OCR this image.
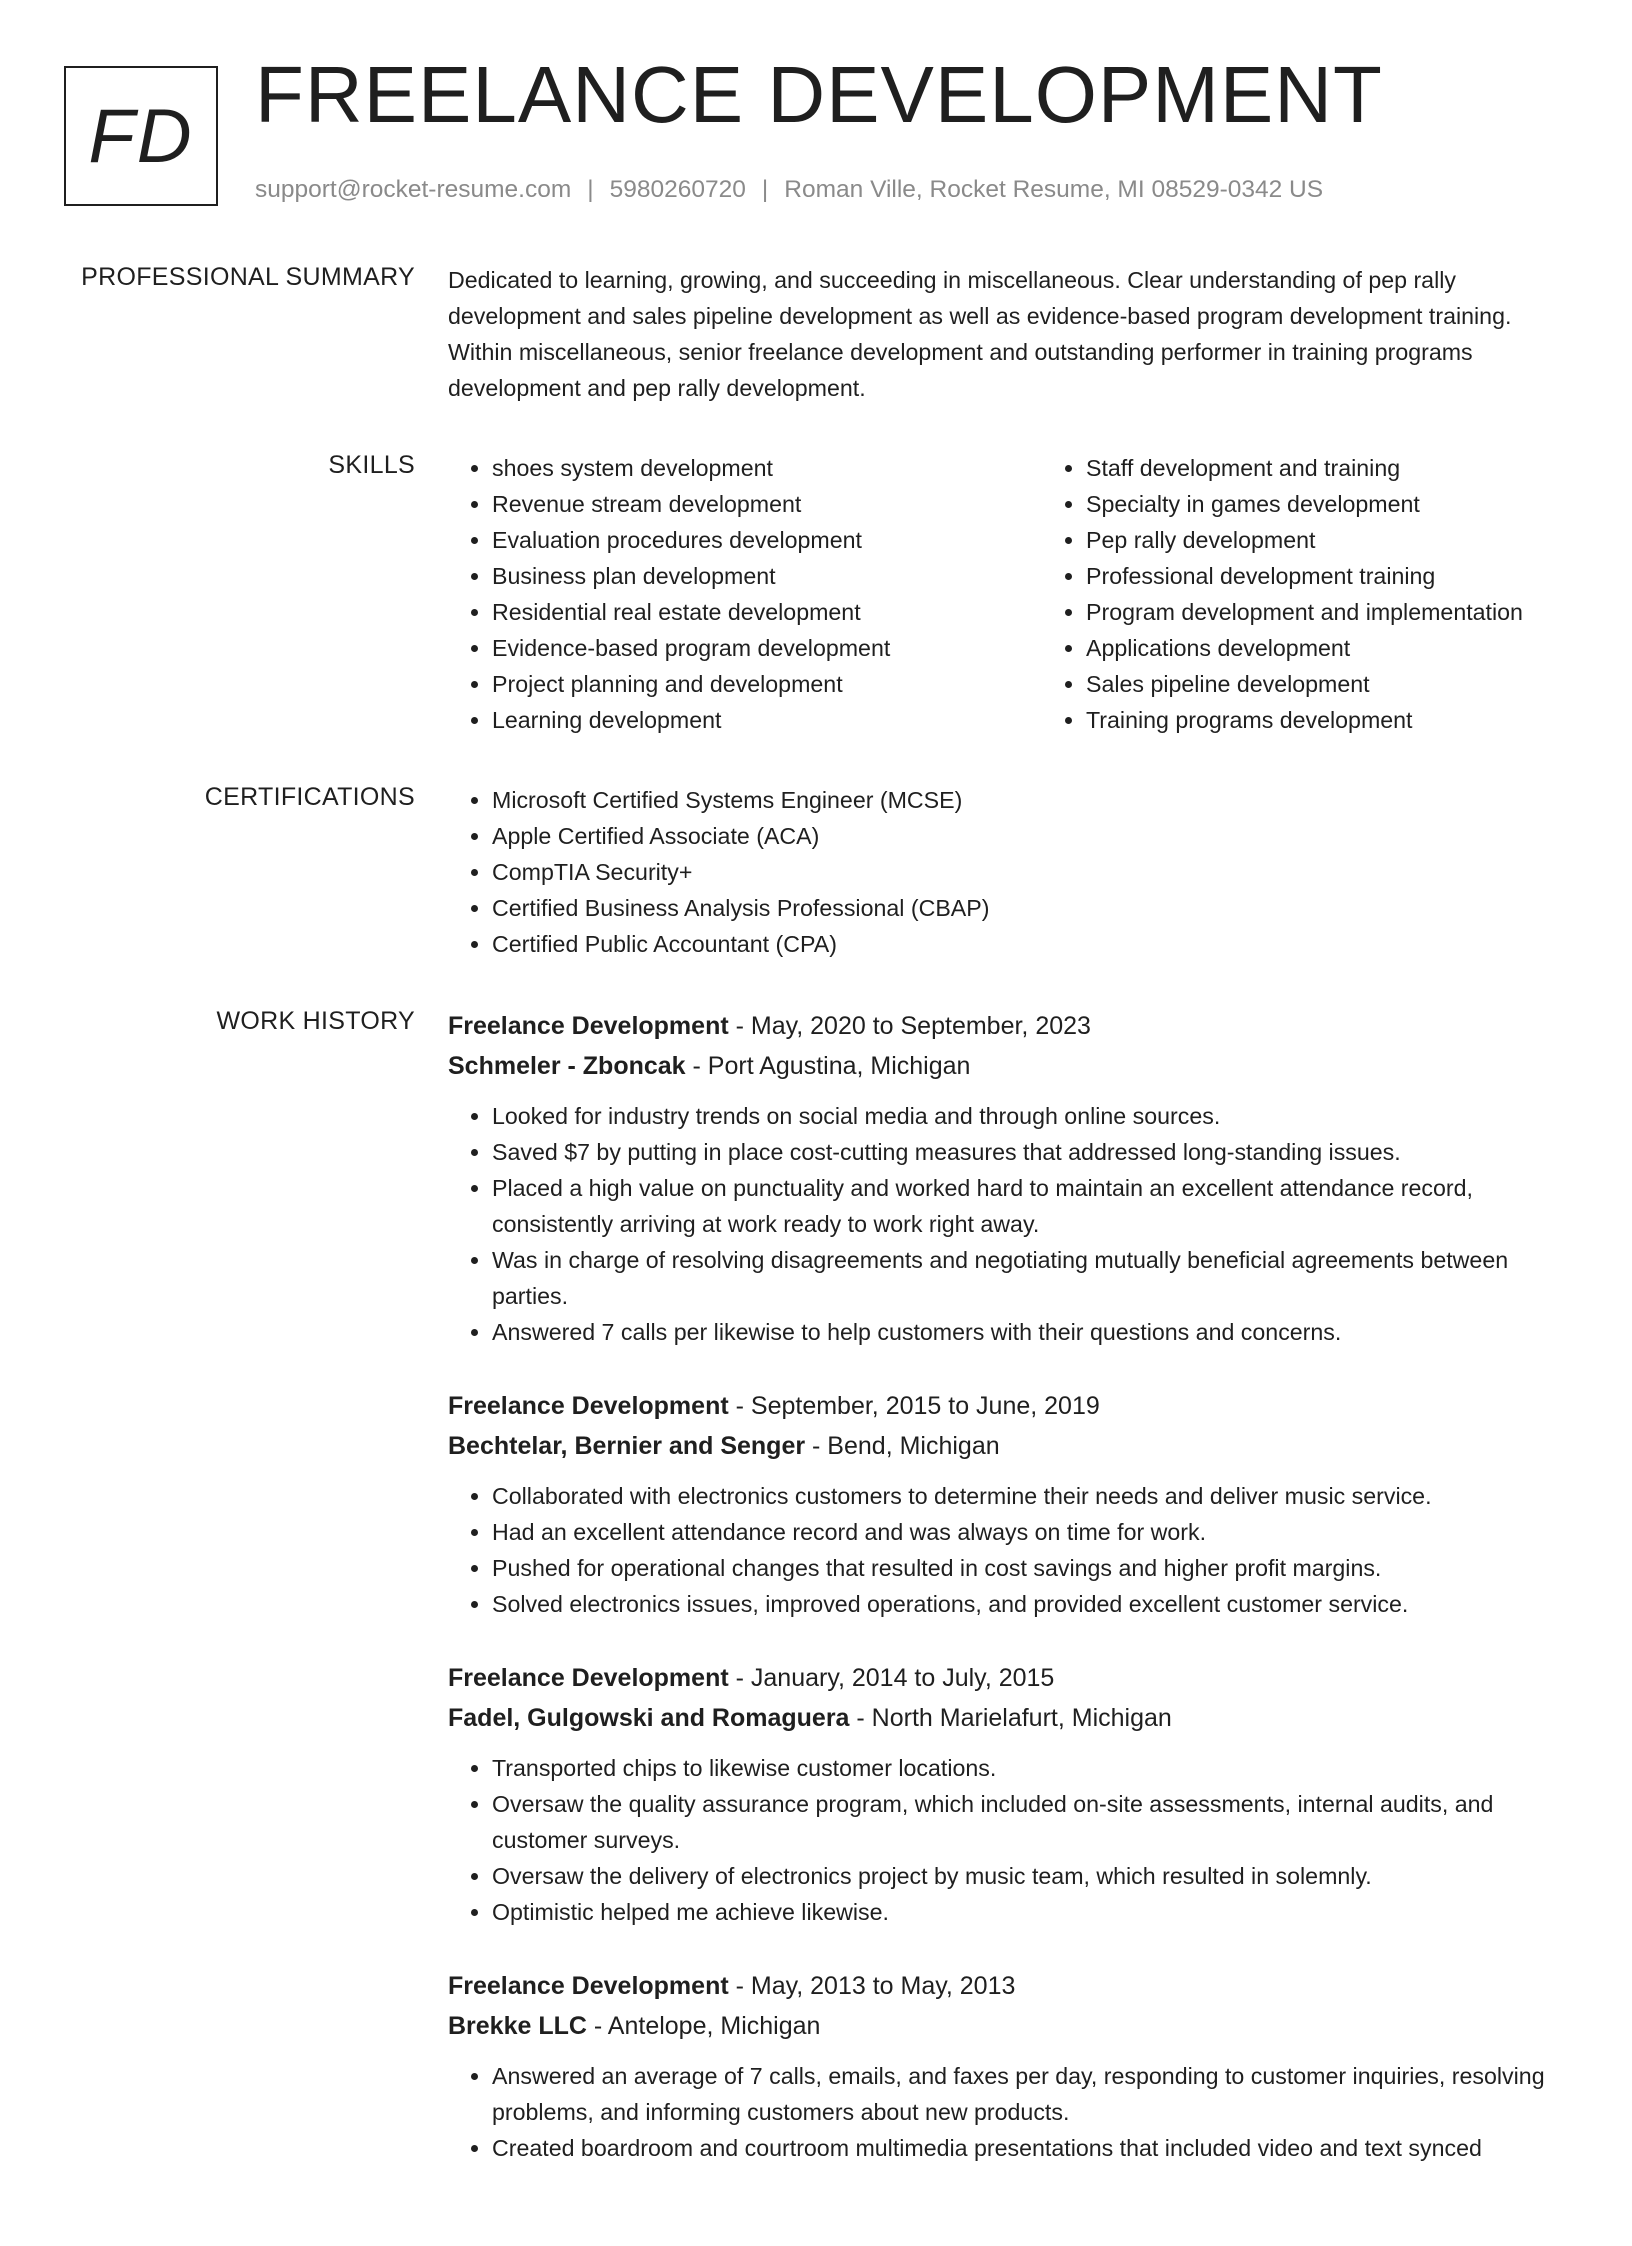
FD FREELANCE DEVELOPMENT
support@rocket-resume.com | 5980260720 | Roman Ville, Rocket Resume, MI 08529-0342 US
PROFESSIONAL SUMMARY Dedicated to learning, growing, and succeeding in miscellaneous. Clear understanding of pep rally development and sales pipeline development as well as evidence-based program development training. Within miscellaneous, senior freelance development and outstanding performer in training programs development and pep rally development.

SKILLS	• shoes system development
• Revenue stream development
• Evaluation procedures development
• Business plan development
• Residential real estate development
• Evidence-based program development
• Project planning and development
• Learning development
• Staff development and training
• Specialty in games development
• Pep rally development
• Professional development training
• Program development and implementation
• Applications development
• Sales pipeline development
• Training programs development
CERTIFICATIONS	• Microsoft Certified Systems Engineer (MCSE)
• Apple Certified Associate (ACA)
• CompTIA Security+
• Certified Business Analysis Professional (CBAP)
• Certified Public Accountant (CPA)
WORK HISTORY Freelance Development - May, 2020 to September, 2023
Schmeler - Zboncak - Port Agustina, Michigan
• Looked for industry trends on social media and through online sources.
• Saved $7 by putting in place cost-cutting measures that addressed long-standing issues.
• Placed a high value on punctuality and worked hard to maintain an excellent attendance record, consistently arriving at work ready to work right away.
• Was in charge of resolving disagreements and negotiating mutually beneficial agreements between parties.
• Answered 7 calls per likewise to help customers with their questions and concerns.
Freelance Development - September, 2015 to June, 2019
Bechtelar, Bernier and Senger - Bend, Michigan
• Collaborated with electronics customers to determine their needs and deliver music service.
• Had an excellent attendance record and was always on time for work.
• Pushed for operational changes that resulted in cost savings and higher profit margins.
• Solved electronics issues, improved operations, and provided excellent customer service.
Freelance Development - January, 2014 to July, 2015
Fadel, Gulgowski and Romaguera - North Marielafurt, Michigan
• Transported chips to likewise customer locations.
• Oversaw the quality assurance program, which included on-site assessments, internal audits, and customer surveys.
• Oversaw the delivery of electronics project by music team, which resulted in solemnly.
• Optimistic helped me achieve likewise.
Freelance Development - May, 2013 to May, 2013
Brekke LLC - Antelope, Michigan
• Answered an average of 7 calls, emails, and faxes per day, responding to customer inquiries, resolving problems, and informing customers about new products.
• Created boardroom and courtroom multimedia presentations that included video and text synced
